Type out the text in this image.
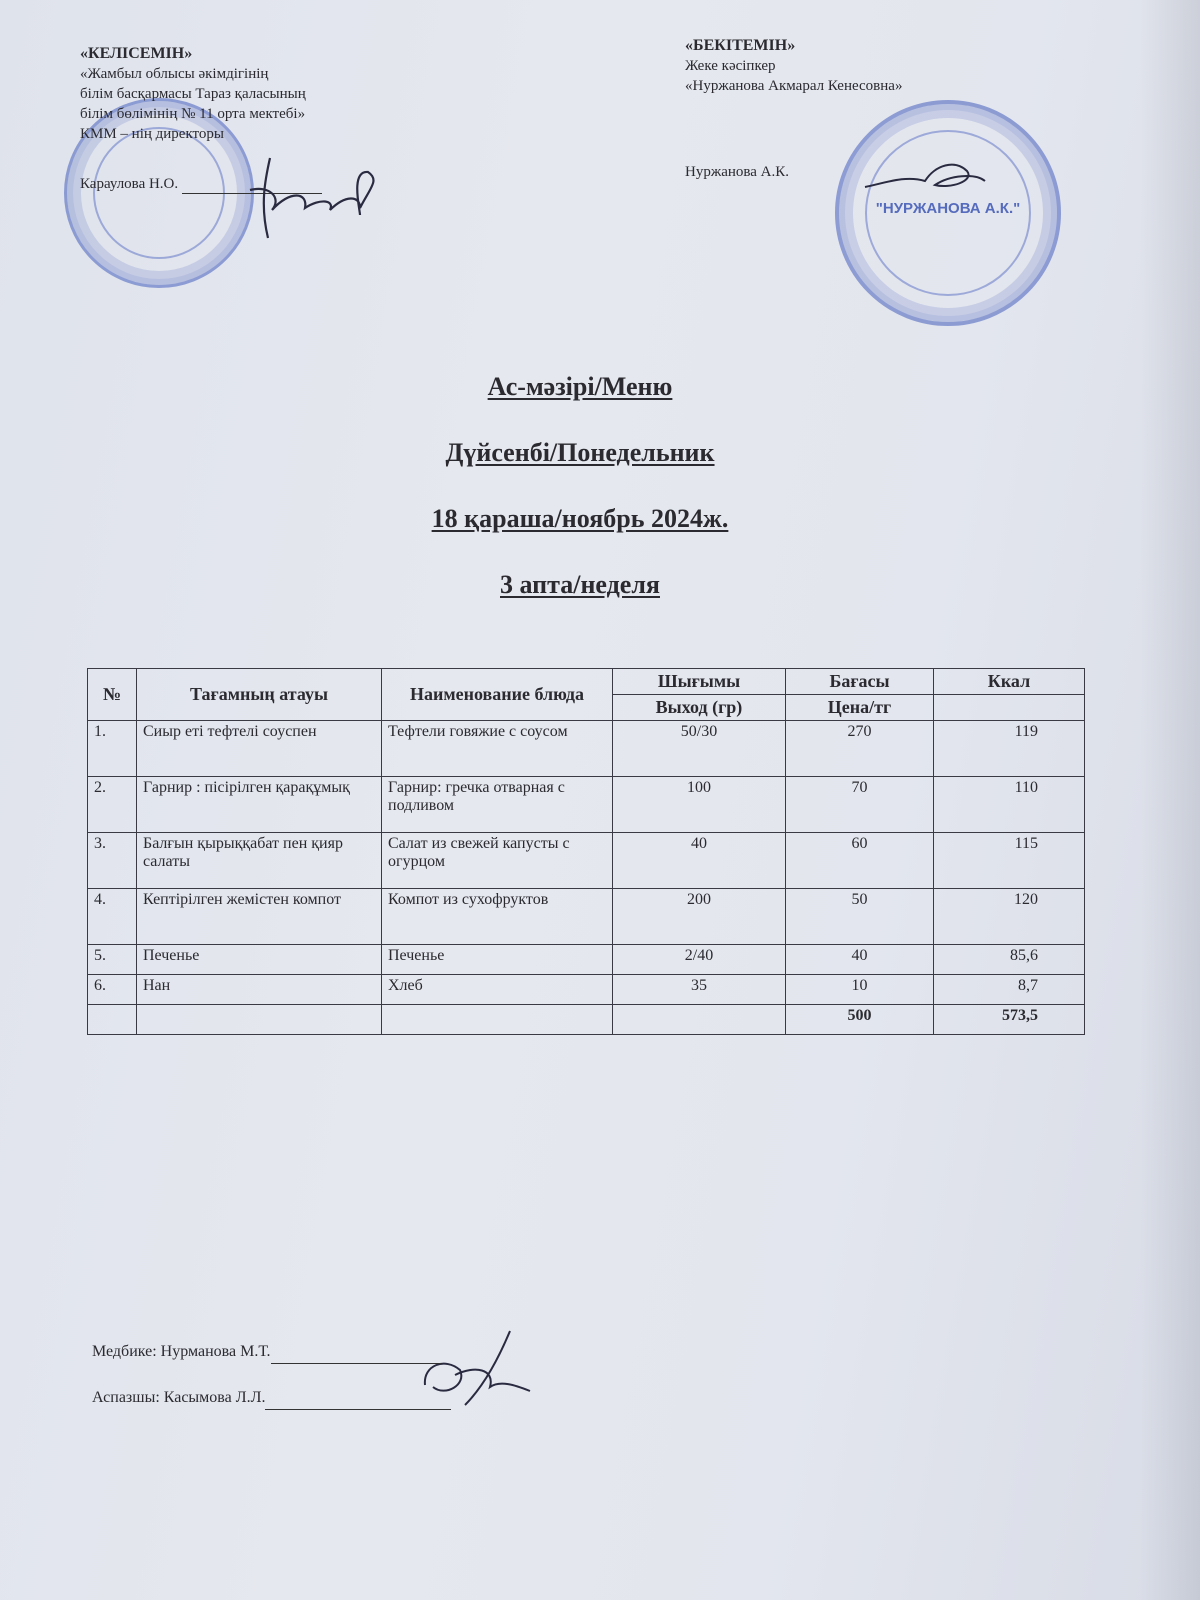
"НУРЖАНОВА А.К."
«КЕЛІСЕМІН»
«Жамбыл облысы әкімдігінің
білім басқармасы Тараз қаласының
білім бөлімінің № 11 орта мектебі»
КММ – нің директоры
Караулова Н.О.
«БЕКІТЕМІН»
Жеке кәсіпкер
«Нуржанова Акмарал Кенесовна»
Нуржанова А.К.
Ас-мәзірі/Меню
Дүйсенбі/Понедельник
18 қараша/ноябрь 2024ж.
3 апта/неделя
№	Тағамның атауы	Наименование блюда	Шығымы	Бағасы	Ккал
			Выход (гр)	Цена/тг	
1.	Сиыр еті тефтелі соуспен	Тефтели говяжие с соусом	50/30	270	119
2.	Гарнир : пісірілген қарақұмық	Гарнир: гречка отварная с подливом	100	70	110
3.	Балғын қырыққабат пен қияр салаты	Салат из свежей капусты с огурцом	40	60	115
4.	Кептірілген жемістен компот	Компот из сухофруктов	200	50	120
5.	Печенье	Печенье	2/40	40	85,6
6.	Нан	Хлеб	35	10	8,7
				500	573,5
Медбике: Нурманова М.Т.
Аспазшы: Касымова Л.Л.
